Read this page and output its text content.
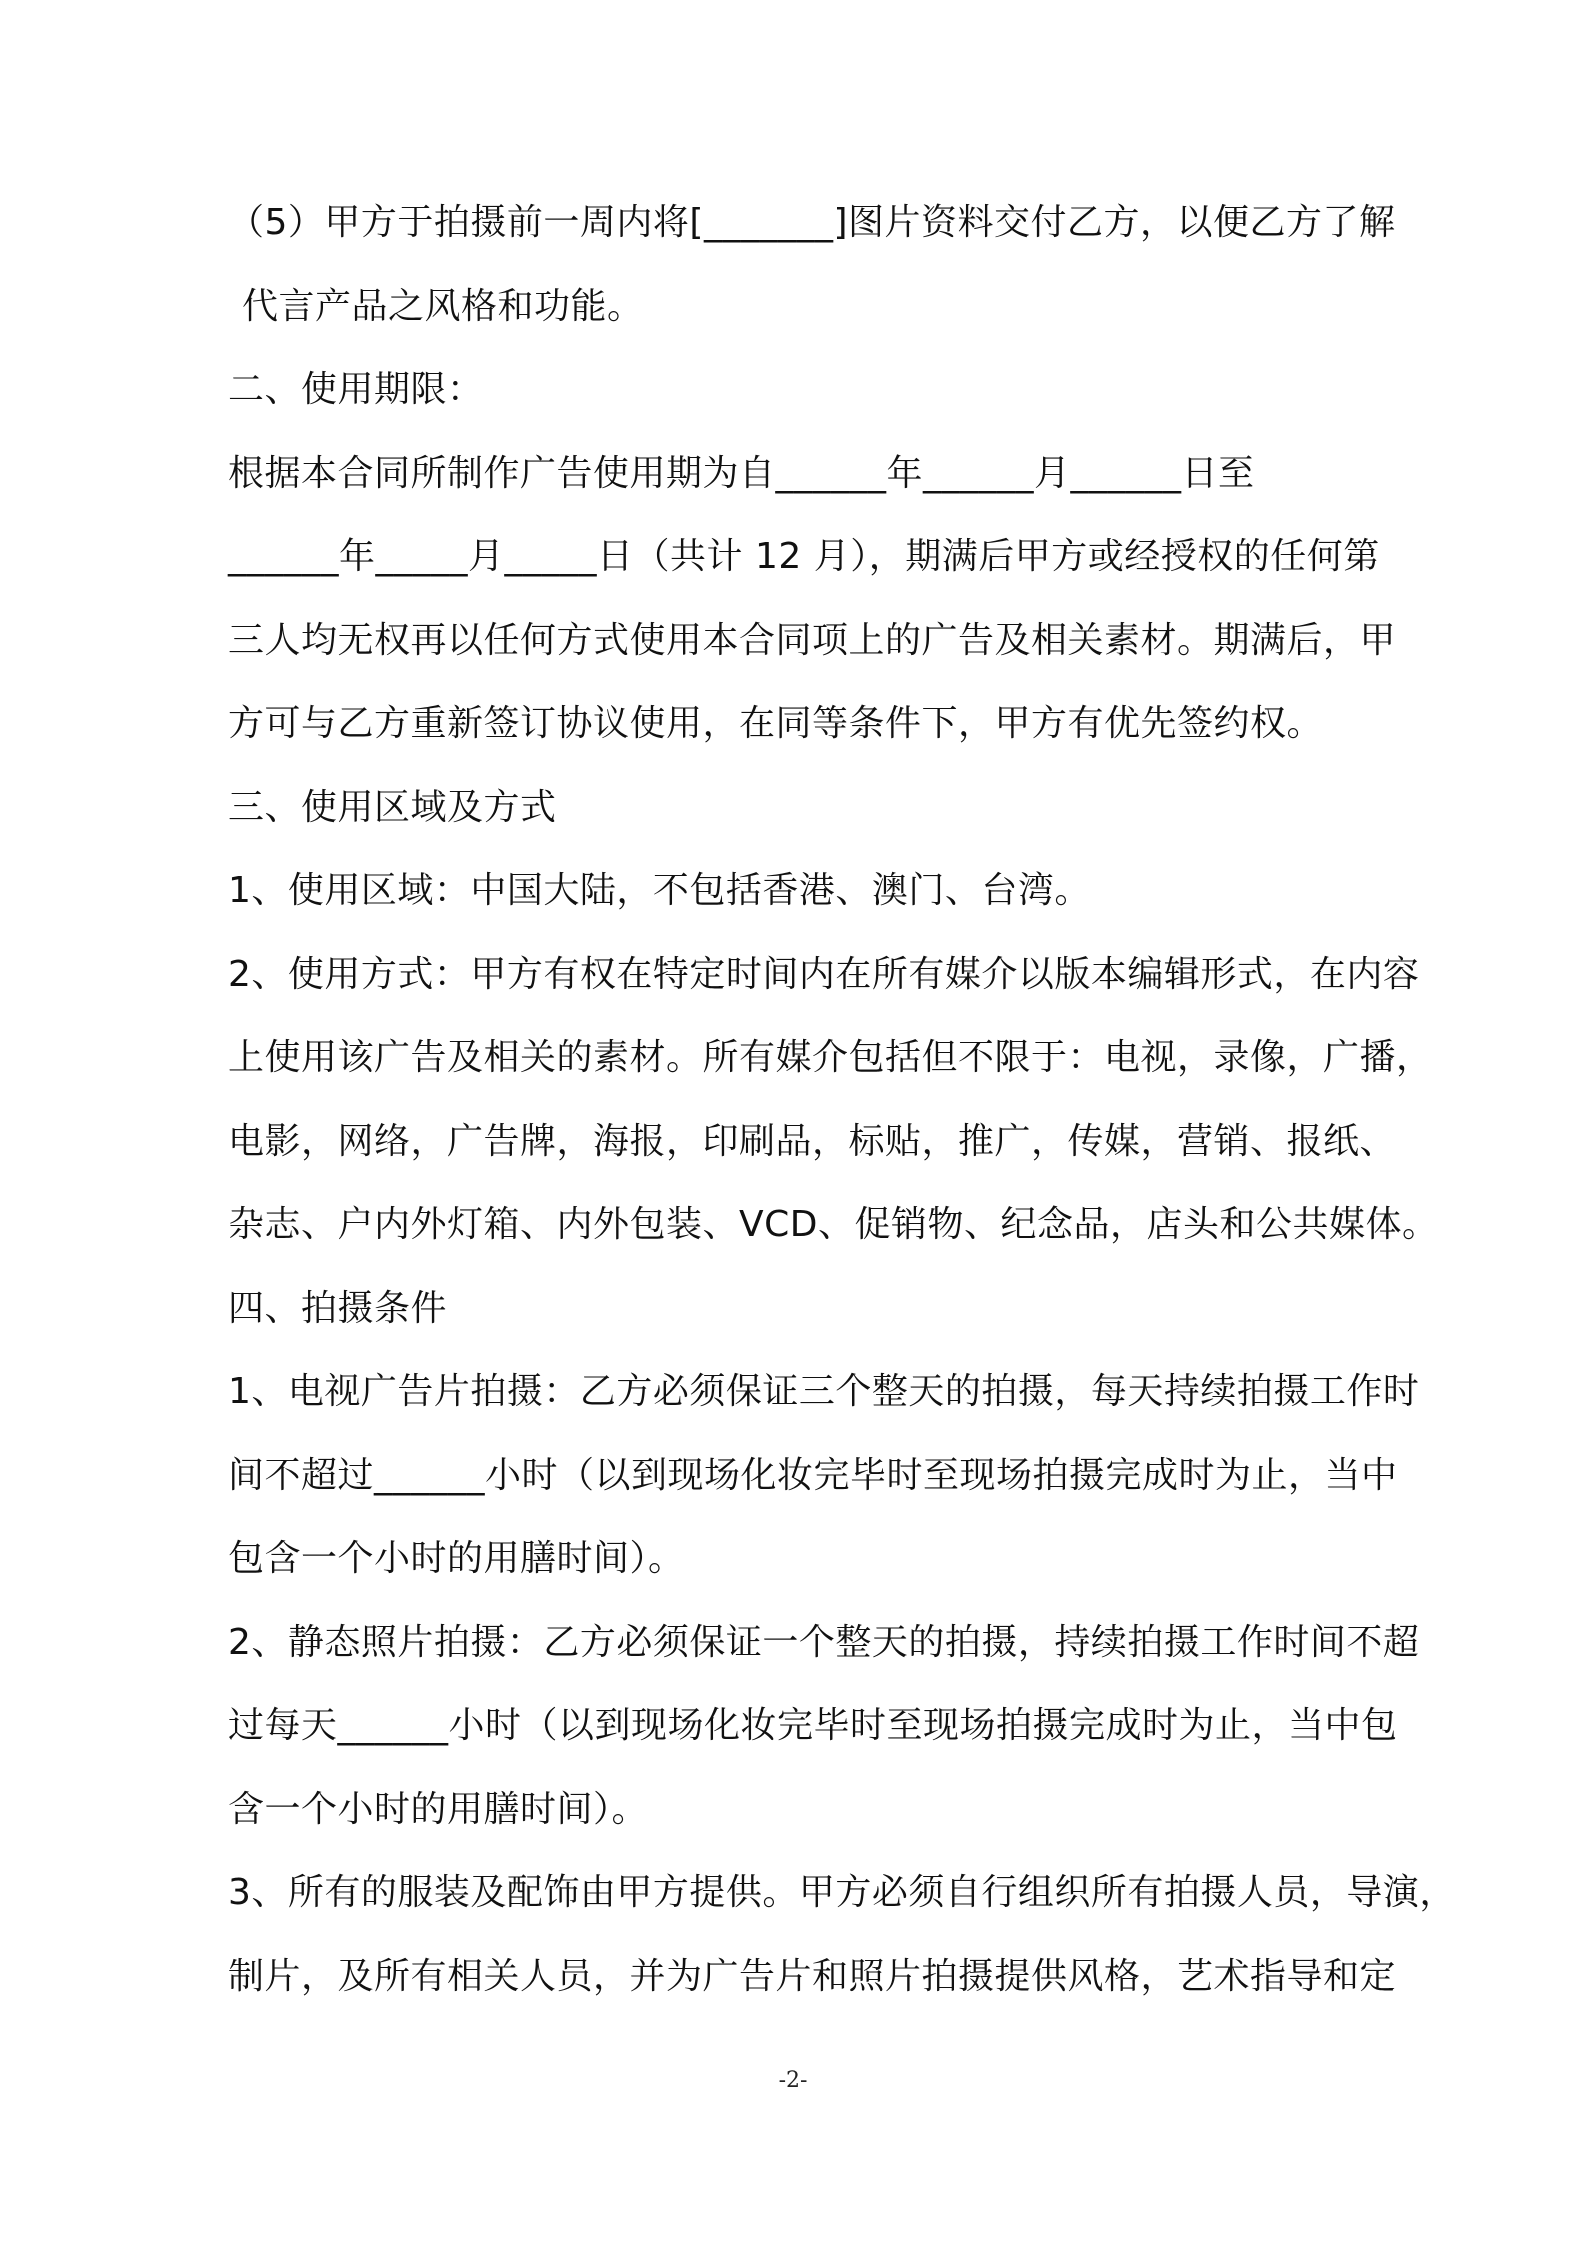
（5）甲方于拍摄前一周内将[_______]图片资料交付乙方，以便乙方了解
代言产品之风格和功能。
二、使用期限：
根据本合同所制作广告使用期为自______年______月______日至
______年_____月_____日（共计 12 月），期满后甲方或经授权的任何第
三人均无权再以任何方式使用本合同项上的广告及相关素材。期满后，甲
方可与乙方重新签订协议使用，在同等条件下，甲方有优先签约权。
三、使用区域及方式
1、使用区域：中国大陆，不包括香港、澳门、台湾。
2、使用方式：甲方有权在特定时间内在所有媒介以版本编辑形式，在内容
上使用该广告及相关的素材。所有媒介包括但不限于：电视，录像，广播，
电影，网络，广告牌，海报，印刷品，标贴，推广，传媒，营销、报纸、
杂志、户内外灯箱、内外包装、VCD、促销物、纪念品，店头和公共媒体。
四、拍摄条件
1、电视广告片拍摄：乙方必须保证三个整天的拍摄，每天持续拍摄工作时
间不超过______小时（以到现场化妆完毕时至现场拍摄完成时为止，当中
包含一个小时的用膳时间）。
2、静态照片拍摄：乙方必须保证一个整天的拍摄，持续拍摄工作时间不超
过每天______小时（以到现场化妆完毕时至现场拍摄完成时为止，当中包
含一个小时的用膳时间）。
3、所有的服装及配饰由甲方提供。甲方必须自行组织所有拍摄人员，导演，
制片，及所有相关人员，并为广告片和照片拍摄提供风格，艺术指导和定
-2-
